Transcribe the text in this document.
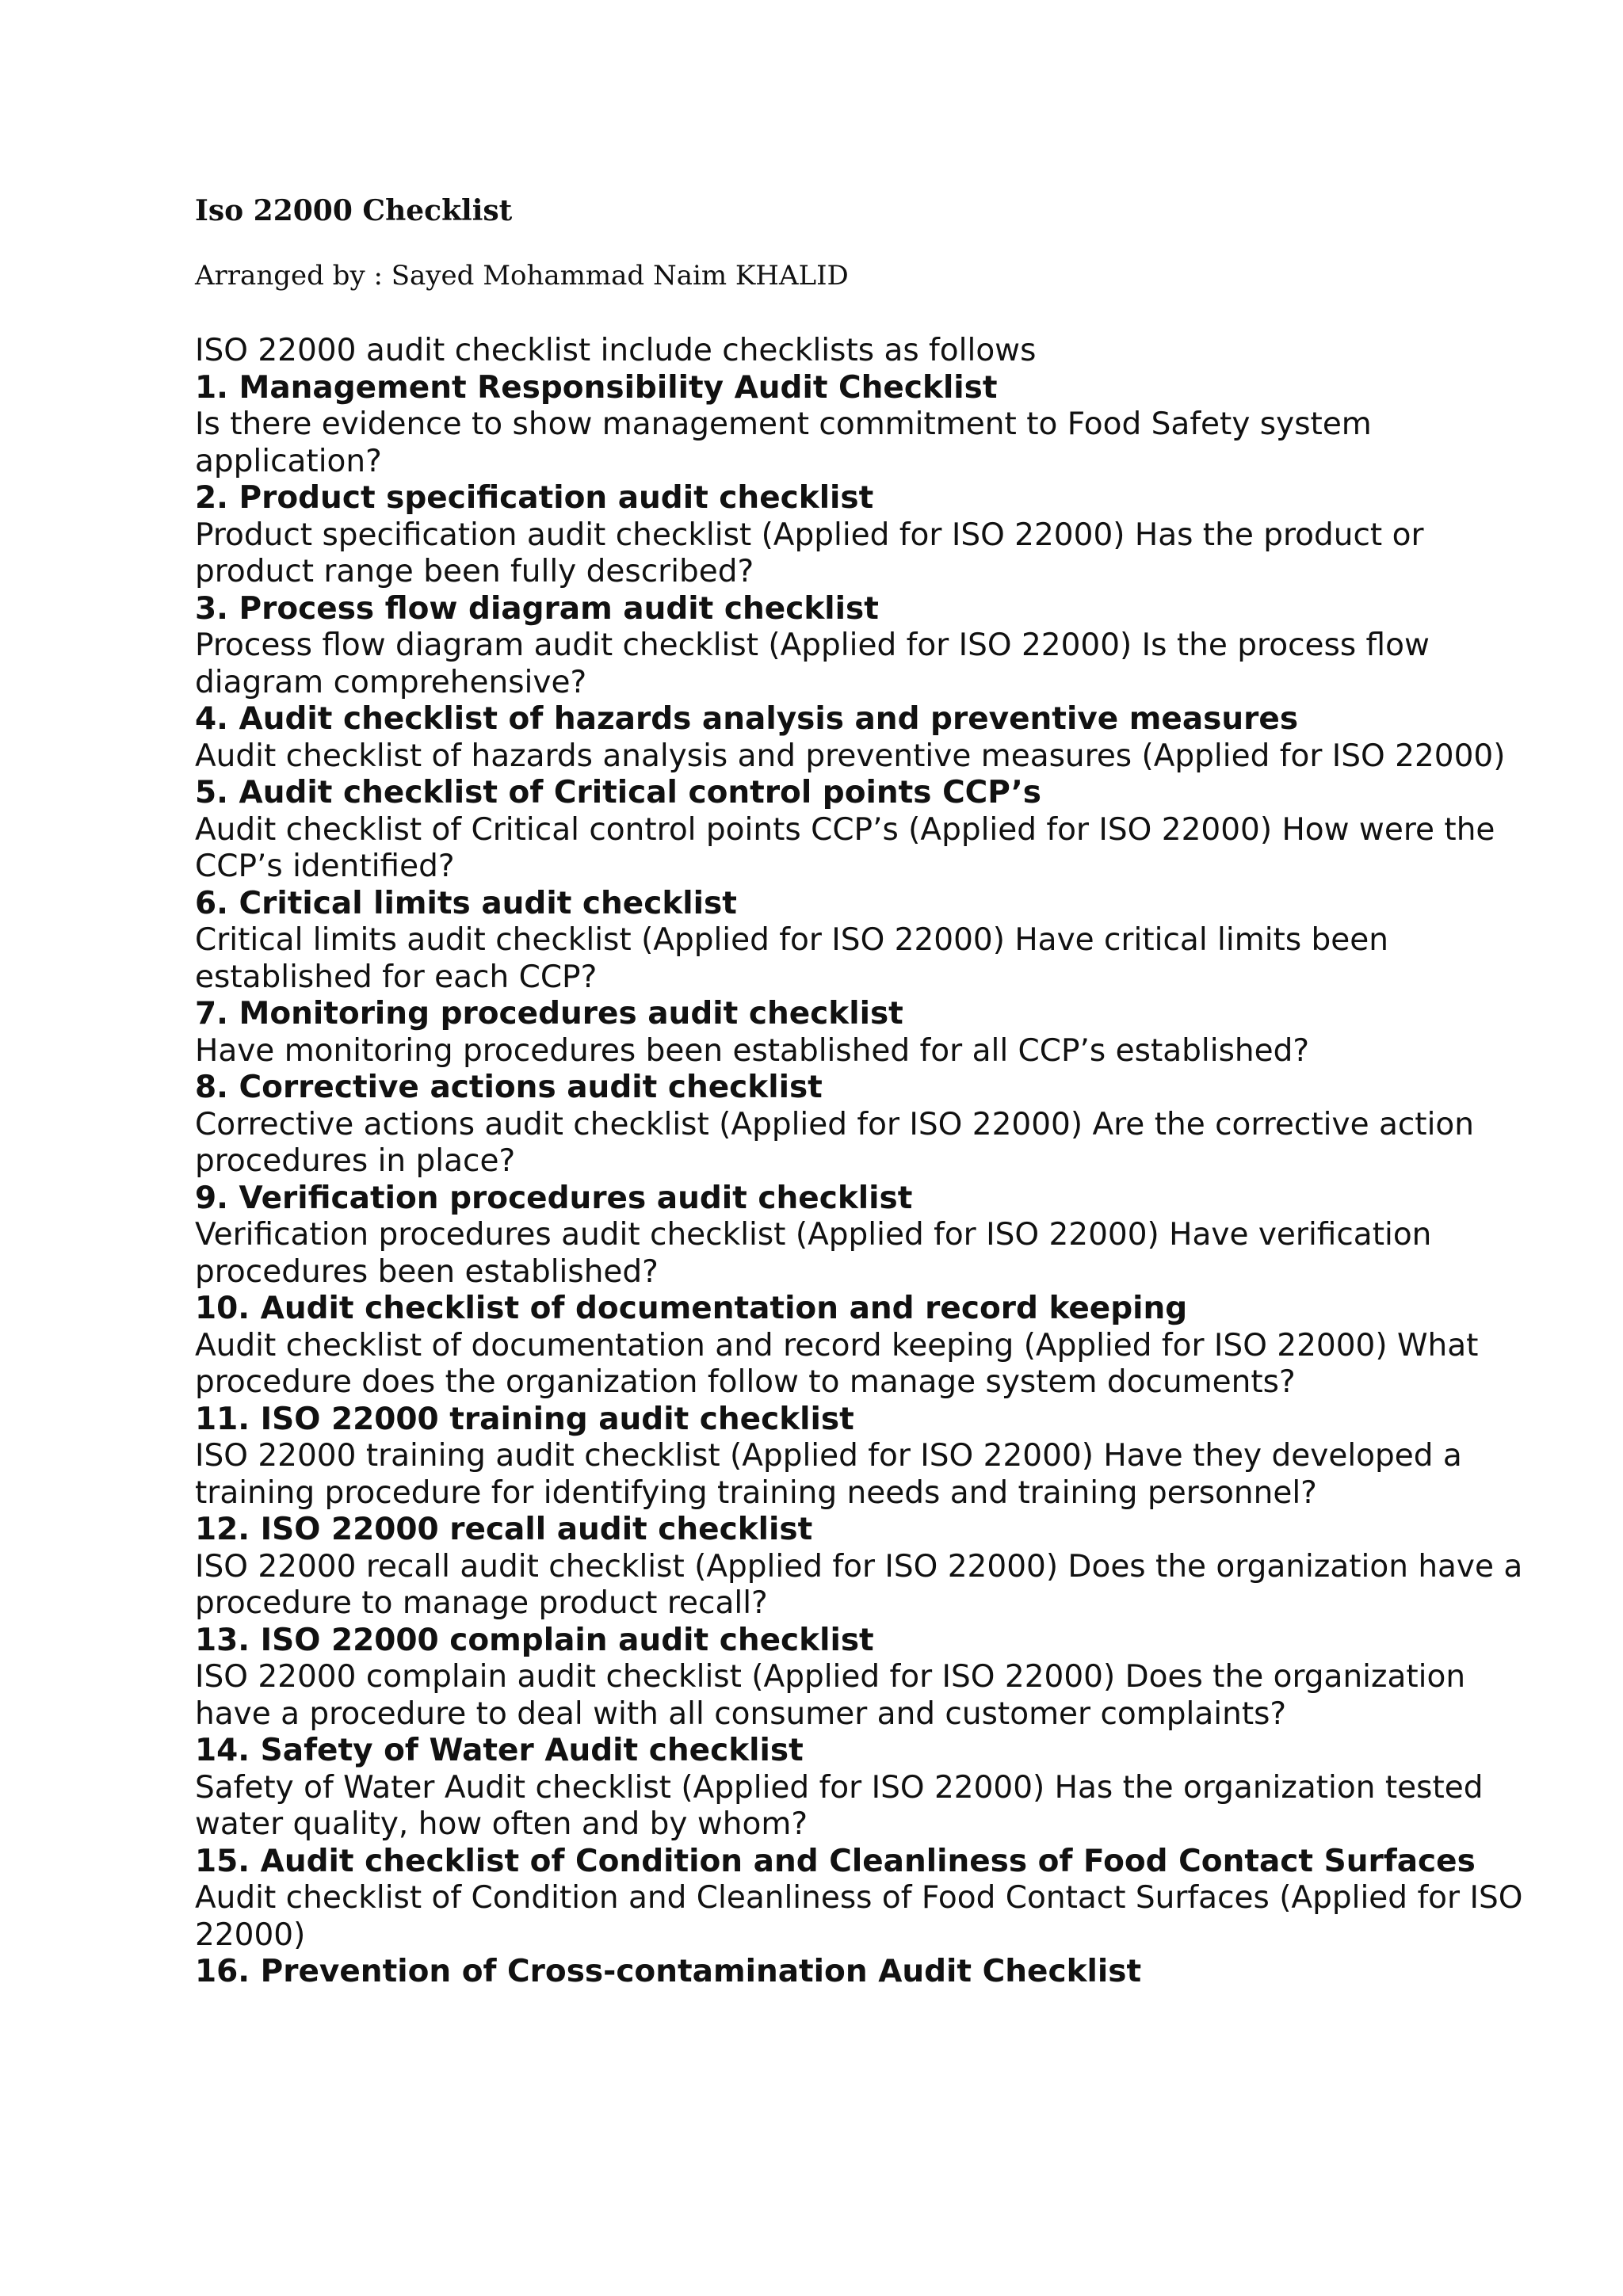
Iso 22000 Checklist

Arranged by : Sayed Mohammad Naim KHALID

ISO 22000 audit checklist include checklists as follows

1. Management Responsibility Audit Checklist

Is there evidence to show management commitment to Food Safety system application?

2. Product specification audit checklist

Product specification audit checklist (Applied for ISO 22000) Has the product or product range been fully described?

3. Process flow diagram audit checklist

Process flow diagram audit checklist (Applied for ISO 22000) Is the process flow diagram comprehensive?

4. Audit checklist of hazards analysis and preventive measures

Audit checklist of hazards analysis and preventive measures (Applied for ISO 22000)

5. Audit checklist of Critical control points CCP’s

Audit checklist of Critical control points CCP’s (Applied for ISO 22000) How were the CCP’s identified?

6. Critical limits audit checklist

Critical limits audit checklist (Applied for ISO 22000) Have critical limits been established for each CCP?

7. Monitoring procedures audit checklist

Have monitoring procedures been established for all CCP’s established?

8. Corrective actions audit checklist

Corrective actions audit checklist (Applied for ISO 22000) Are the corrective action procedures in place?

9. Verification procedures audit checklist

Verification procedures audit checklist (Applied for ISO 22000) Have verification procedures been established?

10. Audit checklist of documentation and record keeping

Audit checklist of documentation and record keeping (Applied for ISO 22000) What procedure does the organization follow to manage system documents?

11. ISO 22000 training audit checklist

ISO 22000 training audit checklist (Applied for ISO 22000) Have they developed a training procedure for identifying training needs and training personnel?

12. ISO 22000 recall audit checklist

ISO 22000 recall audit checklist (Applied for ISO 22000) Does the organization have a procedure to manage product recall?

13. ISO 22000 complain audit checklist

ISO 22000 complain audit checklist (Applied for ISO 22000) Does the organization have a procedure to deal with all consumer and customer complaints?

14. Safety of Water Audit checklist

Safety of Water Audit checklist (Applied for ISO 22000) Has the organization tested water quality, how often and by whom?

15. Audit checklist of Condition and Cleanliness of Food Contact Surfaces

Audit checklist of Condition and Cleanliness of Food Contact Surfaces (Applied for ISO 22000)

16. Prevention of Cross-contamination Audit Checklist
